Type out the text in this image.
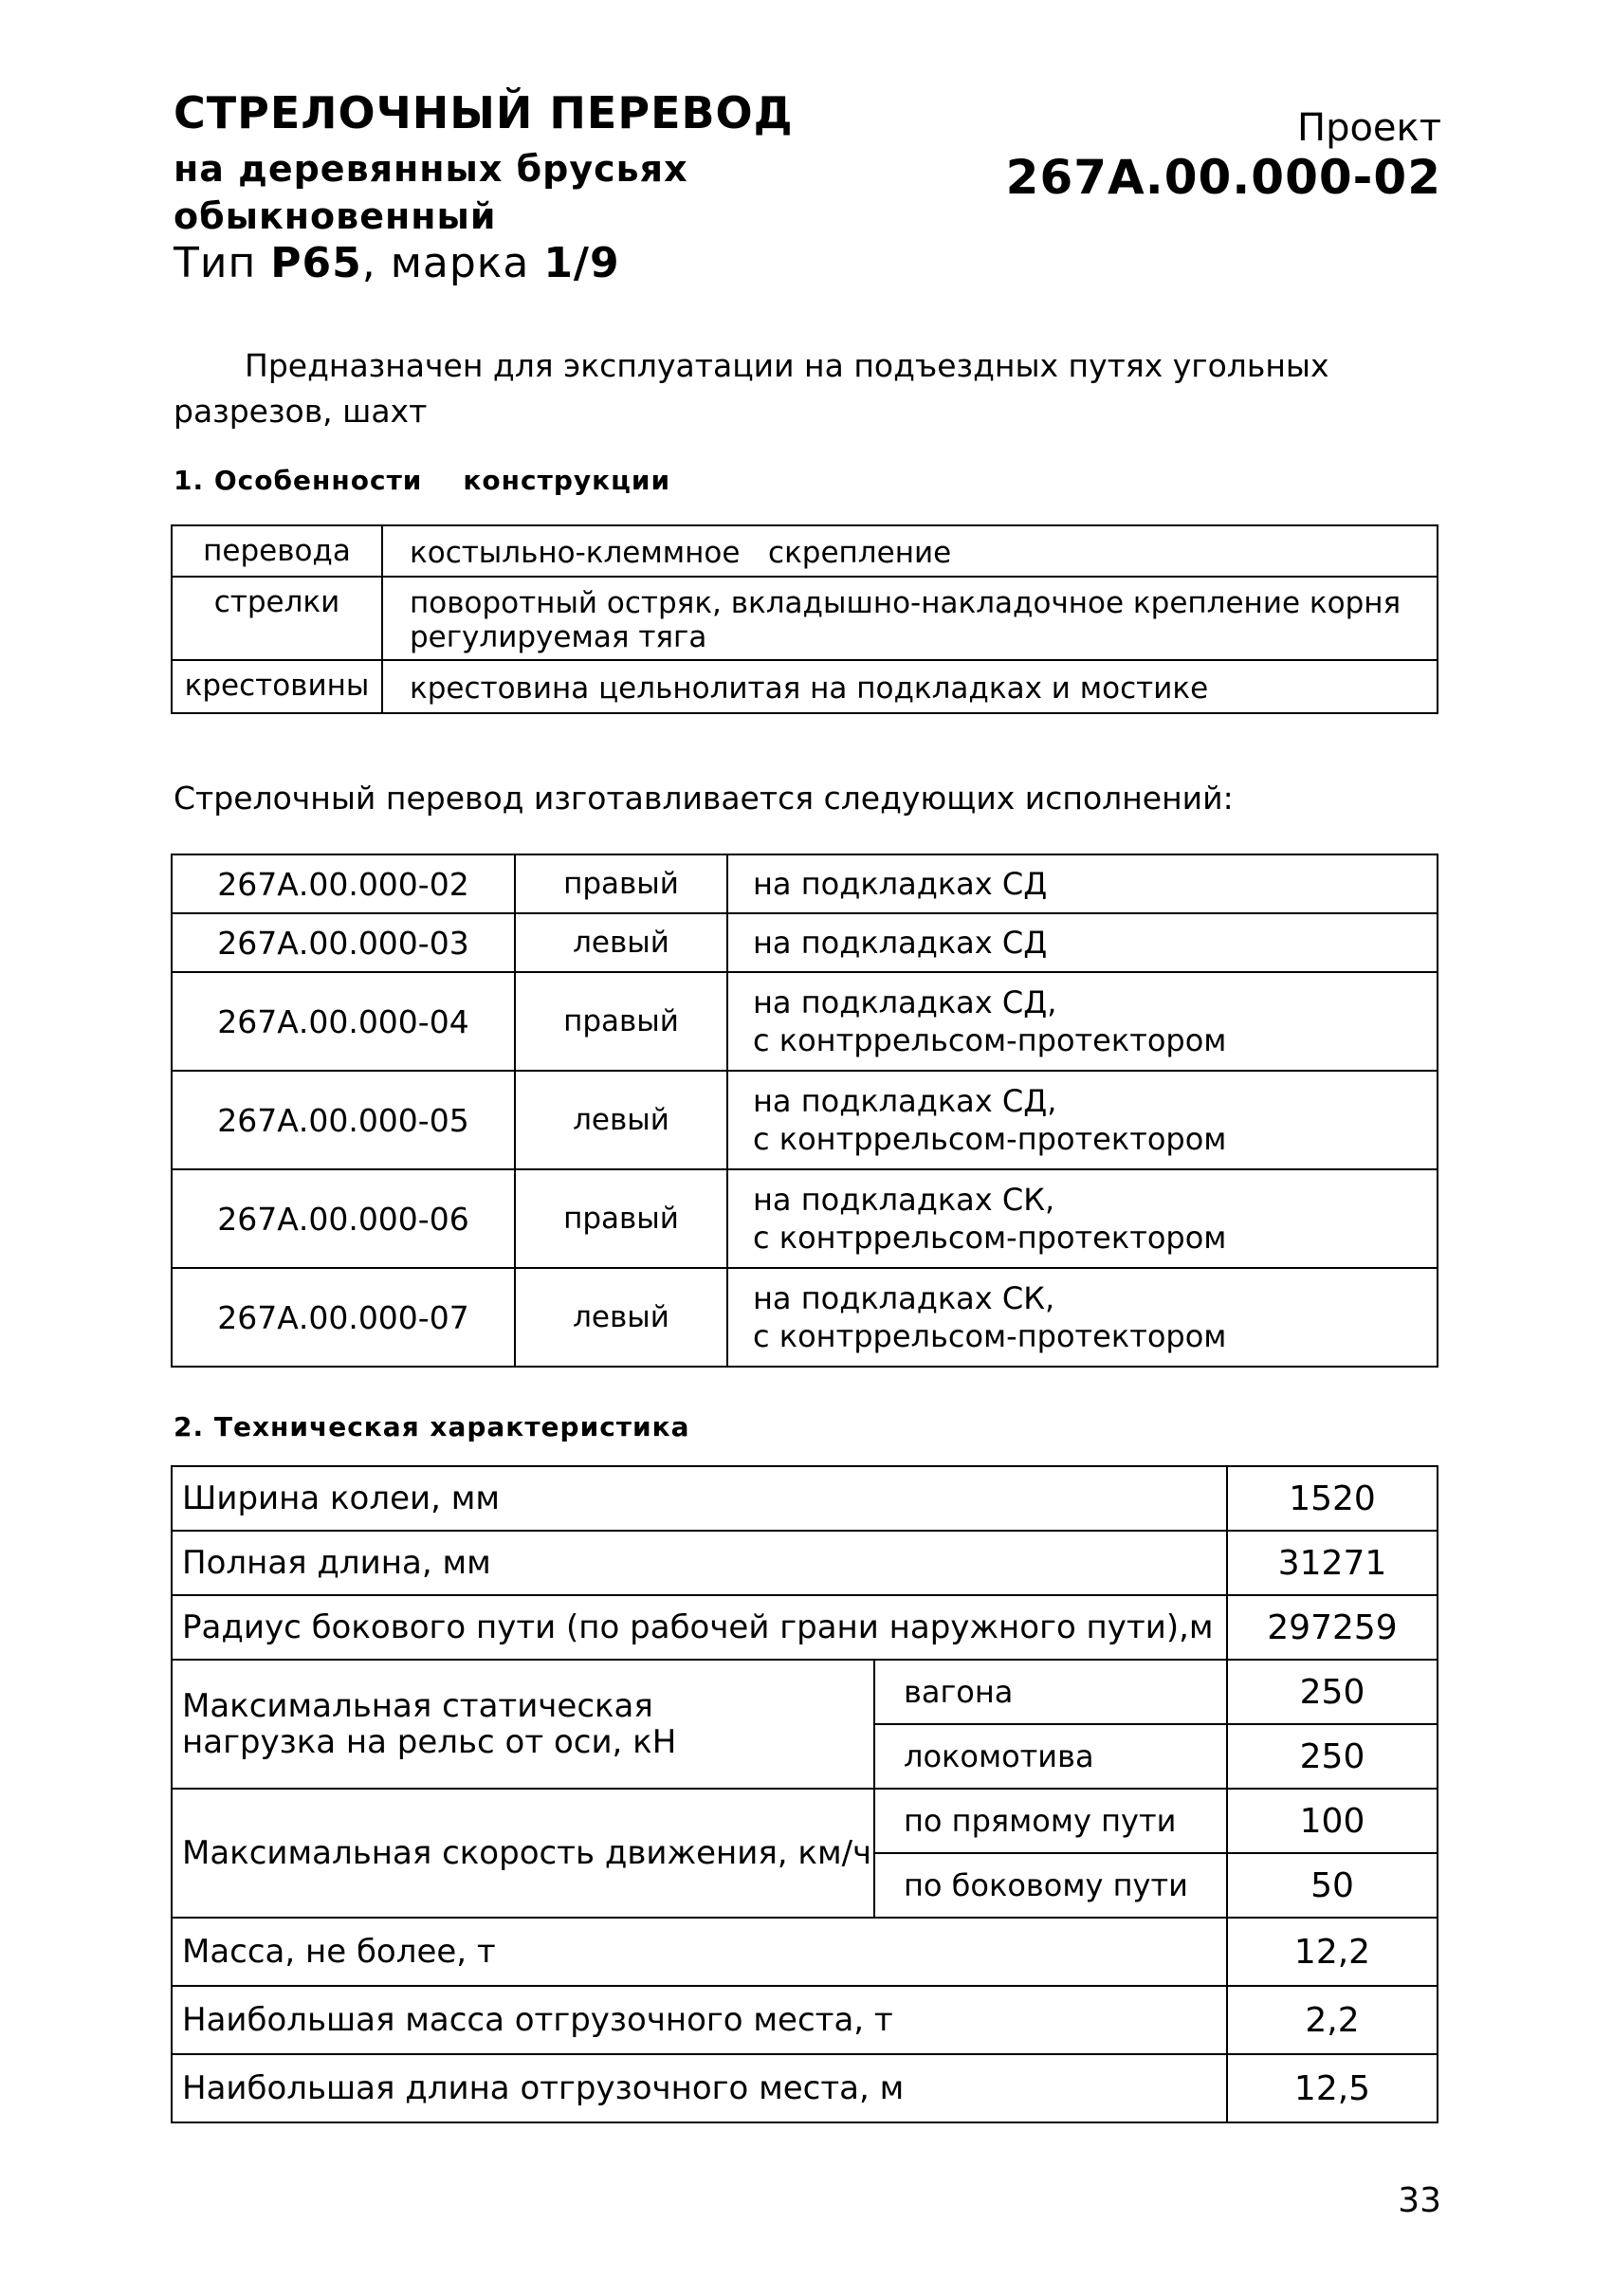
СТРЕЛОЧНЫЙ ПЕРЕВОД
на деревянных брусьях
обыкновенный
Тип Р65, марка 1/9
Проект
267А.00.000-02
Предназначен для эксплуатации на подъездных путях угольных разрезов, шахт
1. Особенности    конструкции
перевода	костыльно-клеммное   скрепление
стрелки	поворотный остряк, вкладышно-накладочное крепление корня
регулируемая тяга

крестовины	крестовина цельнолитая на подкладках и мостике
Стрелочный перевод изготавливается следующих исполнений:
267А.00.000-02	правый	на подкладках СД

267А.00.000-03	левый	на подкладках СД

267А.00.000-04	правый	на подкладках СД,
с контррельсом-протектором

267А.00.000-05	левый	на подкладках СД,
с контррельсом-протектором

267А.00.000-06	правый	на подкладках СК,
с контррельсом-протектором

267А.00.000-07	левый	на подкладках СК,
с контррельсом-протектором
2. Техническая характеристика
Ширина колеи, мм		1520
Полная длина, мм		31271
Радиус бокового пути (по рабочей грани наружного пути),м		297259

Максимальная статическая
нагрузка на рельс от оси, кН	вагона	250
	локомотива	250
Максимальная скорость движения, км/ч	по прямому пути	100
	по боковому пути	50
Масса, не более, т		12,2
Наибольшая масса отгрузочного места, т		2,2
Наибольшая длина отгрузочного места, м		12,5
33
